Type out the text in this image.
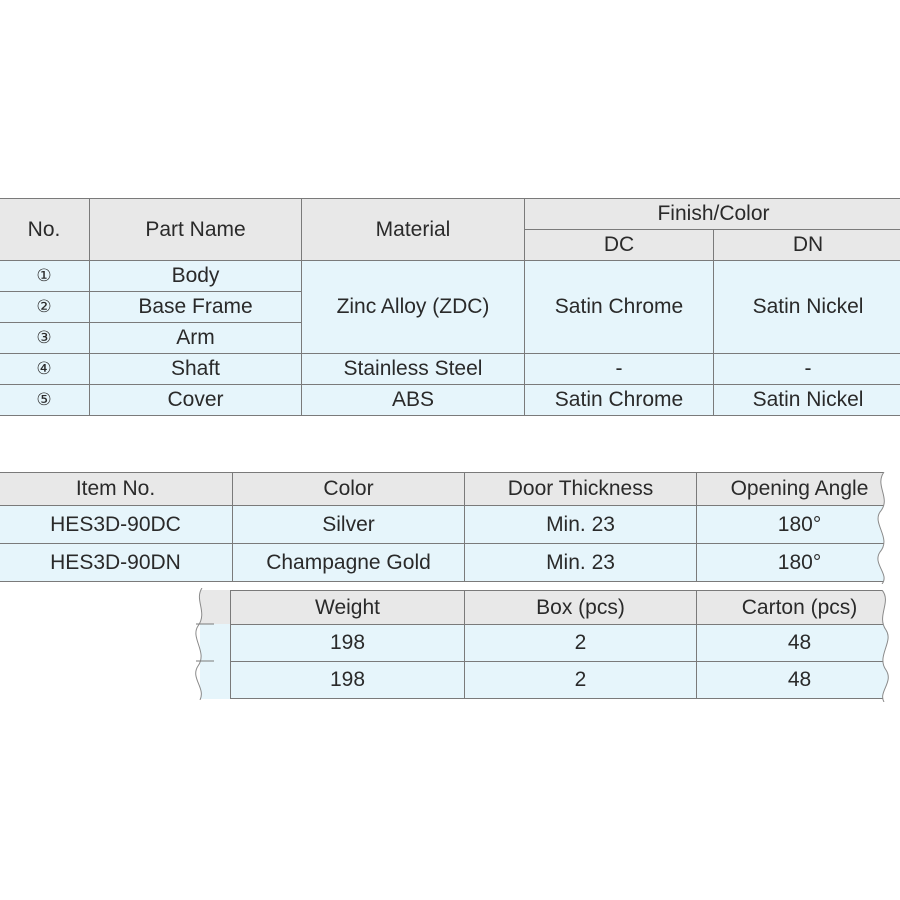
No.	Part Name	Material	Finish/Color	
			DC	DN
①	Body	Zinc Alloy (ZDC)	Satin Chrome	Satin Nickel
②	Base Frame			
③	Arm			
④	Shaft	Stainless Steel	-	-
⑤	Cover	ABS	Satin Chrome	Satin Nickel
Item No.	Color	Door Thickness	Opening Angle
HES3D-90DC	Silver	Min. 23	180°
HES3D-90DN	Champagne Gold	Min. 23	180°
Weight	Box (pcs)	Carton (pcs)
198	2	48
198	2	48
